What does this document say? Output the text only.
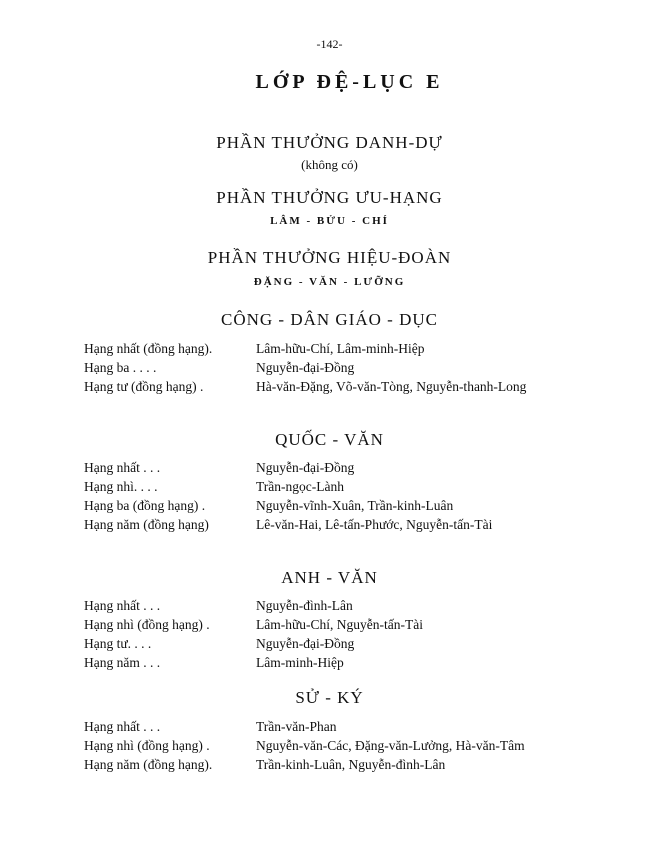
-142-
LỚP ĐỆ-LỤC E
PHẦN THƯỞNG DANH-DỰ
(không có)
PHẦN THƯỞNG ƯU-HẠNG
LÂM - BỬU - CHÍ
PHẦN THƯỞNG HIỆU-ĐOÀN
ĐẶNG - VĂN - LƯỠNG
CÔNG - DÂN GIÁO - DỤC
Hạng nhất (đồng hạng).	Lâm-hữu-Chí, Lâm-minh-Hiệp
Hạng ba . . . .	Nguyễn-đại-Đồng
Hạng tư (đồng hạng) .	Hà-văn-Đặng, Võ-văn-Tòng, Nguyễn-thanh-Long
QUỐC - VĂN
Hạng nhất . . .	Nguyễn-đại-Đồng
Hạng nhì. . . .	Trần-ngọc-Lành
Hạng ba (đồng hạng) .	Nguyễn-vĩnh-Xuân, Trần-kinh-Luân
Hạng năm (đồng hạng)	Lê-văn-Hai, Lê-tấn-Phước, Nguyễn-tấn-Tài
ANH - VĂN
Hạng nhất . . .	Nguyễn-đình-Lân
Hạng nhì (đồng hạng) .	Lâm-hữu-Chí, Nguyễn-tấn-Tài
Hạng tư. . . .	Nguyễn-đại-Đồng
Hạng năm . . .	Lâm-minh-Hiệp
SỬ - KÝ
Hạng nhất . . .	Trần-văn-Phan
Hạng nhì (đồng hạng) .	Nguyễn-văn-Các, Đặng-văn-Lưởng, Hà-văn-Tâm
Hạng năm (đồng hạng).	Trần-kinh-Luân, Nguyễn-đình-Lân
